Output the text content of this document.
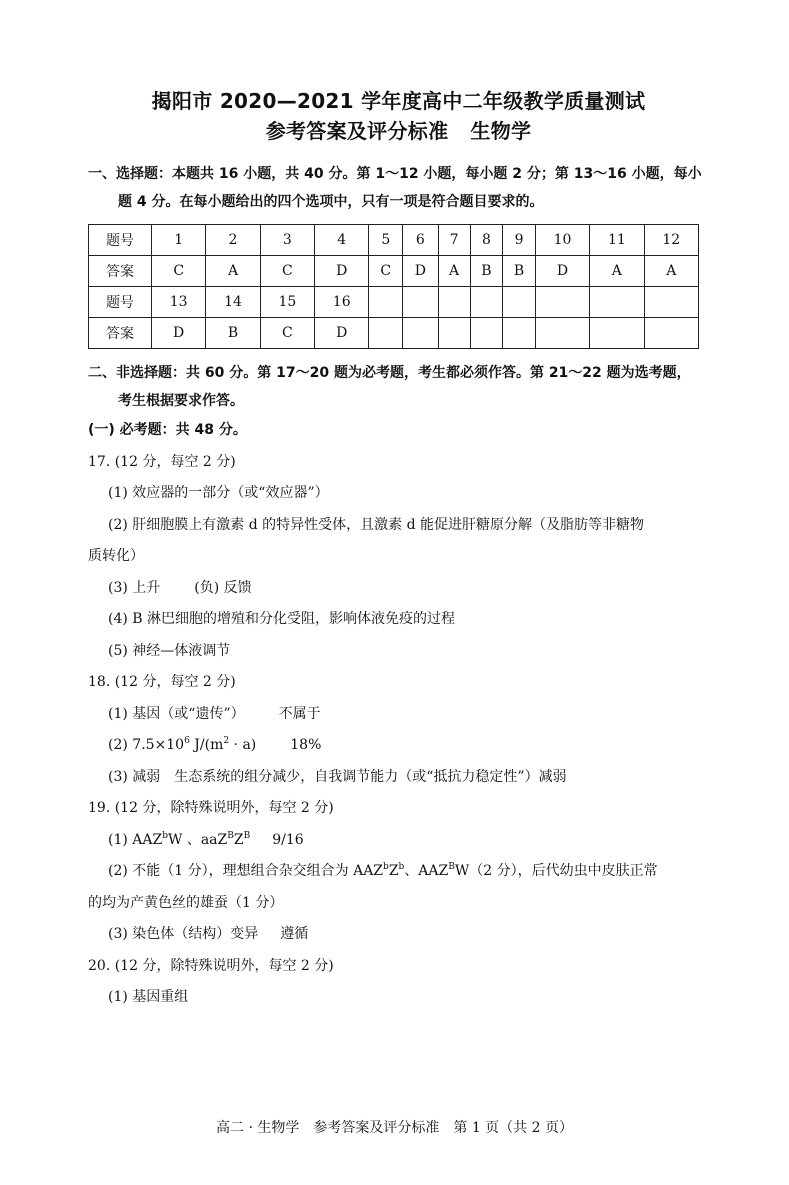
揭阳市 2020—2021 学年度高中二年级教学质量测试
参考答案及评分标准 生物学
一、选择题：本题共 16 小题，共 40 分。第 1～12 小题，每小题 2 分；第 13～16 小题，每小
题 4 分。在每小题给出的四个选项中，只有一项是符合题目要求的。
题号	1	2	3	4	5	6	7	8	9	10	11	12
答案	C	A	C	D	C	D	A	B	B	D	A	A
题号	13	14	15	16								
答案	D	B	C	D								
二、非选择题：共 60 分。第 17～20 题为必考题，考生都必须作答。第 21～22 题为选考题，
考生根据要求作答。
(一) 必考题：共 48 分。
17. (12 分，每空 2 分)
(1) 效应器的一部分（或“效应器”）
(2) 肝细胞膜上有激素 d 的特异性受体，且激素 d 能促进肝糖原分解（及脂肪等非糖物
质转化）
(3) 上升 (负) 反馈
(4) B 淋巴细胞的增殖和分化受阻，影响体液免疫的过程
(5) 神经—体液调节
18. (12 分，每空 2 分)
(1) 基因（或“遗传”） 不属于
(2) $7.5\times 10^6$ $J/(m^2 \cdot a)$ 18%
(3) 减弱　生态系统的组分减少，自我调节能力（或“抵抗力稳定性”）减弱
19. (12 分，除特殊说明外，每空 2 分)
(1) AAZ$^b$W 、$aaZ^BZ^B$ 9/16
(2) 不能（1 分），理想组合杂交组合为 $AAZ^bZ^b$、$AAZ^BW(2$ 分），后代幼虫中皮肤正常
的均为产黄色丝的雄蚕（1 分）
(3) 染色体（结构）变异 遵循
20. (12 分，除特殊说明外，每空 2 分)
(1) 基因重组
高二 · 生物学　参考答案及评分标准　第 1 页（共 2 页）
